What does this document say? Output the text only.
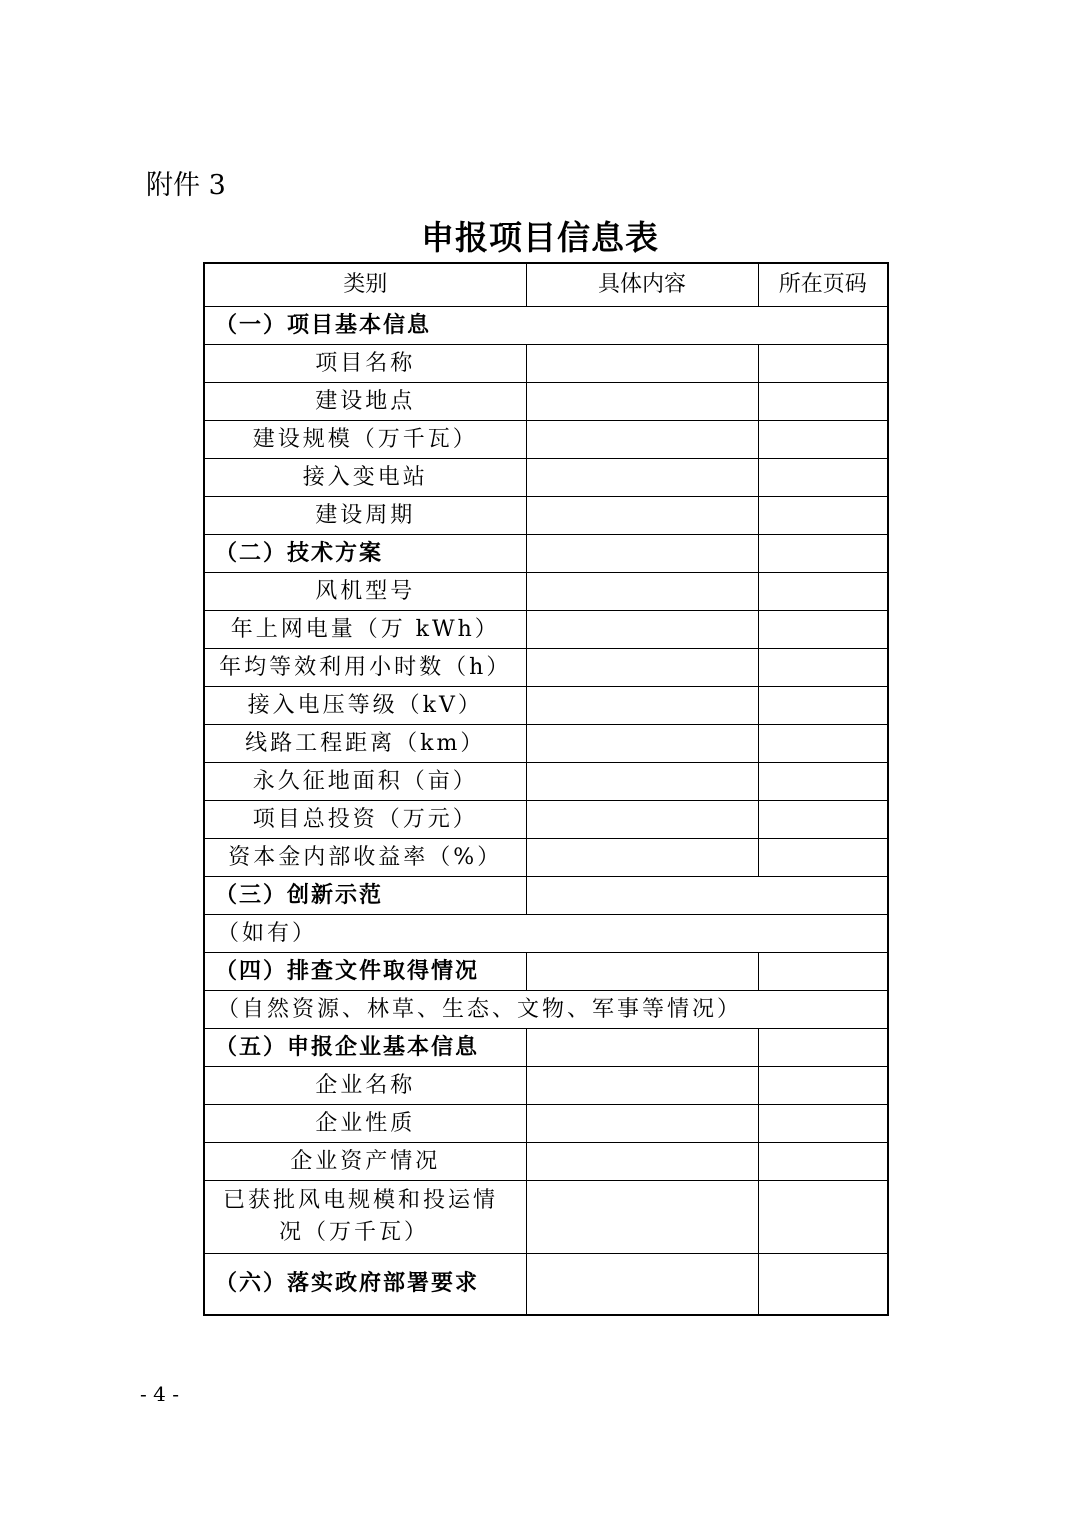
附件 3
申报项目信息表
类别	具体内容	所在页码
（一）项目基本信息		
项目名称		
建设地点		
建设规模（万千瓦）		
接入变电站		
建设周期		
（二）技术方案		
风机型号		
年上网电量（万 kWh）		
年均等效利用小时数（h）		
接入电压等级（kV）		
线路工程距离（km）		
永久征地面积（亩）		
项目总投资（万元）		
资本金内部收益率（%）		
（三）创新示范		
（如有）		
（四）排查文件取得情况		
（自然资源、林草、生态、文物、军事等情况）		
（五）申报企业基本信息		
企业名称		
企业性质		
企业资产情况		
已获批风电规模和投运情
况（万千瓦）		

（六）落实政府部署要求		
- 4 -
